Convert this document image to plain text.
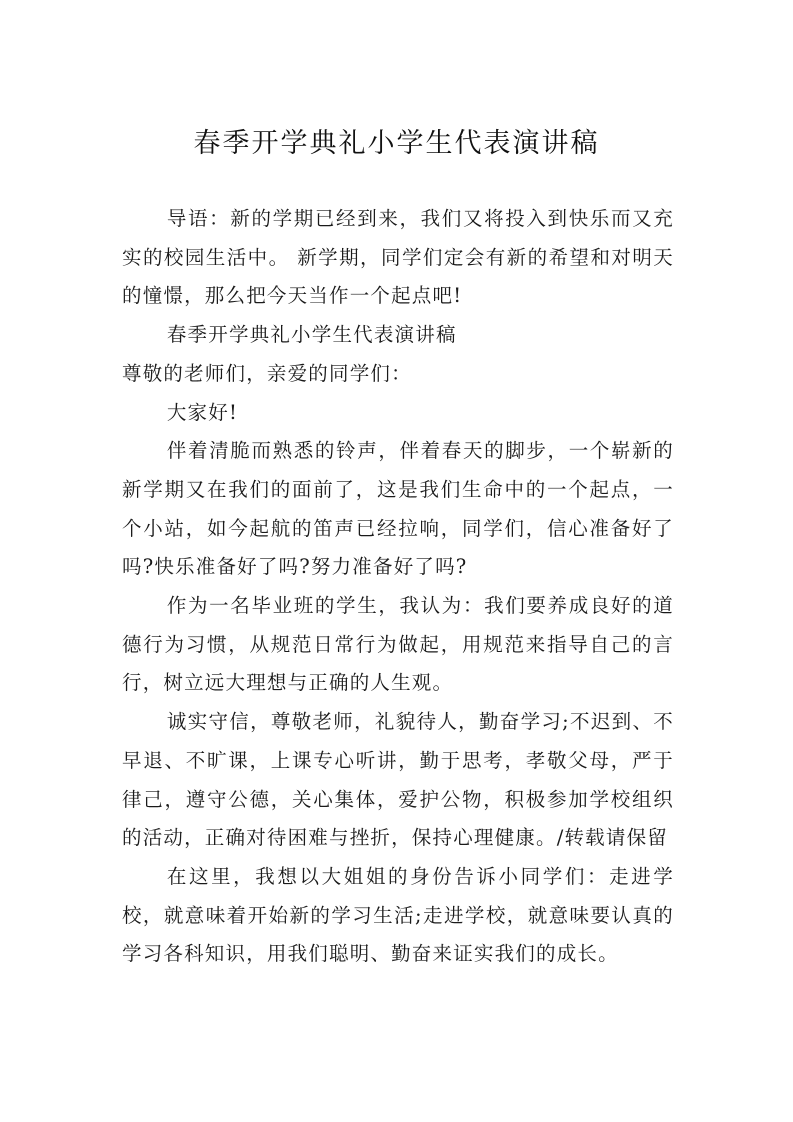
春季开学典礼小学生代表演讲稿

导语：新的学期已经到来，我们又将投入到快乐而又充实的校园生活中。 新学期，同学们定会有新的希望和对明天的憧憬，那么把今天当作一个起点吧!

春季开学典礼小学生代表演讲稿

尊敬的老师们，亲爱的同学们：

大家好!

伴着清脆而熟悉的铃声，伴着春天的脚步，一个崭新的新学期又在我们的面前了，这是我们生命中的一个起点，一个小站，如今起航的笛声已经拉响，同学们，信心准备好了吗?快乐准备好了吗?努力准备好了吗?

作为一名毕业班的学生，我认为：我们要养成良好的道德行为习惯，从规范日常行为做起，用规范来指导自己的言行，树立远大理想与正确的人生观。

诚实守信，尊敬老师，礼貌待人，勤奋学习;不迟到、不早退、不旷课，上课专心听讲，勤于思考，孝敬父母，严于律己，遵守公德，关心集体，爱护公物，积极参加学校组织的活动，正确对待困难与挫折，保持心理健康。/转载请保留

在这里，我想以大姐姐的身份告诉小同学们：走进学校，就意味着开始新的学习生活;走进学校，就意味要认真的学习各科知识，用我们聪明、勤奋来证实我们的成长。
